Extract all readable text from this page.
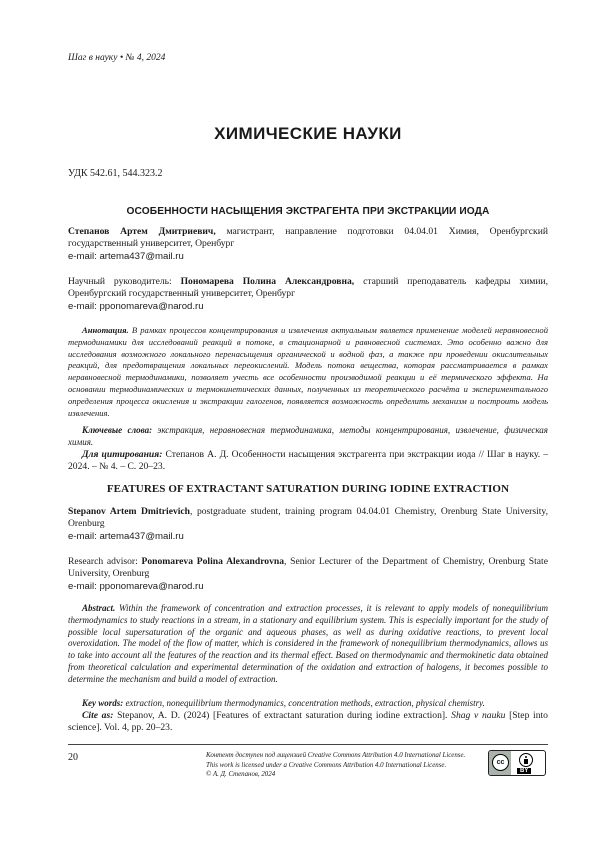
Шаг в науку • № 4, 2024
ХИМИЧЕСКИЕ НАУКИ
УДК 542.61, 544.323.2
ОСОБЕННОСТИ НАСЫЩЕНИЯ ЭКСТРАГЕНТА ПРИ ЭКСТРАКЦИИ ИОДА
Степанов Артем Дмитриевич, магистрант, направление подготовки 04.04.01 Химия, Оренбургский государственный университет, Оренбург
e-mail: artema437@mail.ru
Научный руководитель: Пономарева Полина Александровна, старший преподаватель кафедры химии, Оренбургский государственный университет, Оренбург
e-mail: pponomareva@narod.ru
Аннотация. В рамках процессов концентрирования и извлечения актуальным является применение моделей неравновесной термодинамики для исследований реакций в потоке, в стационарной и равновесной системах. Это особенно важно для исследования возможного локального перенасыщения органической и водной фаз, а также при проведении окислительных реакций, для предотвращения локальных переокислений. Модель потока вещества, которая рассматривается в рамках неравновесной термодинамики, позволяет учесть все особенности производимой реакции и её термического эффекта. На основании термодинамических и термокинетических данных, полученных из теоретического расчёта и экспериментального определения процесса окисления и экстракции галогенов, появляется возможность определить механизм и построить модель извлечения.
Ключевые слова: экстракция, неравновесная термодинамика, методы концентрирования, извлечение, физическая химия.
Для цитирования: Степанов А. Д. Особенности насыщения экстрагента при экстракции иода // Шаг в науку. – 2024. – № 4. – С. 20–23.
FEATURES OF EXTRACTANT SATURATION DURING IODINE EXTRACTION
Stepanov Artem Dmitrievich, postgraduate student, training program 04.04.01 Chemistry, Orenburg State University, Orenburg
e-mail: artema437@mail.ru
Research advisor: Ponomareva Polina Alexandrovna, Senior Lecturer of the Department of Chemistry, Orenburg State University, Orenburg
e-mail: pponomareva@narod.ru
Abstract. Within the framework of concentration and extraction processes, it is relevant to apply models of nonequilibrium thermodynamics to study reactions in a stream, in a stationary and equilibrium system. This is especially important for the study of possible local supersaturation of the organic and aqueous phases, as well as during oxidative reactions, to prevent local overoxidation. The model of the flow of matter, which is considered in the framework of nonequilibrium thermodynamics, allows us to take into account all the features of the reaction and its thermal effect. Based on thermodynamic and thermokinetic data obtained from theoretical calculation and experimental determination of the oxidation and extraction of halogens, it becomes possible to determine the mechanism and build a model of extraction.
Key words: extraction, nonequilibrium thermodynamics, concentration methods, extraction, physical chemistry.
Cite as: Stepanov, A. D. (2024) [Features of extractant saturation during iodine extraction]. Shag v nauku [Step into science]. Vol. 4, pp. 20–23.
20	Контент доступен под лицензией Creative Commons Attribution 4.0 International License.
This work is licensed under a Creative Commons Attribution 4.0 International License.
© А. Д. Степанов, 2024
cc
BY
